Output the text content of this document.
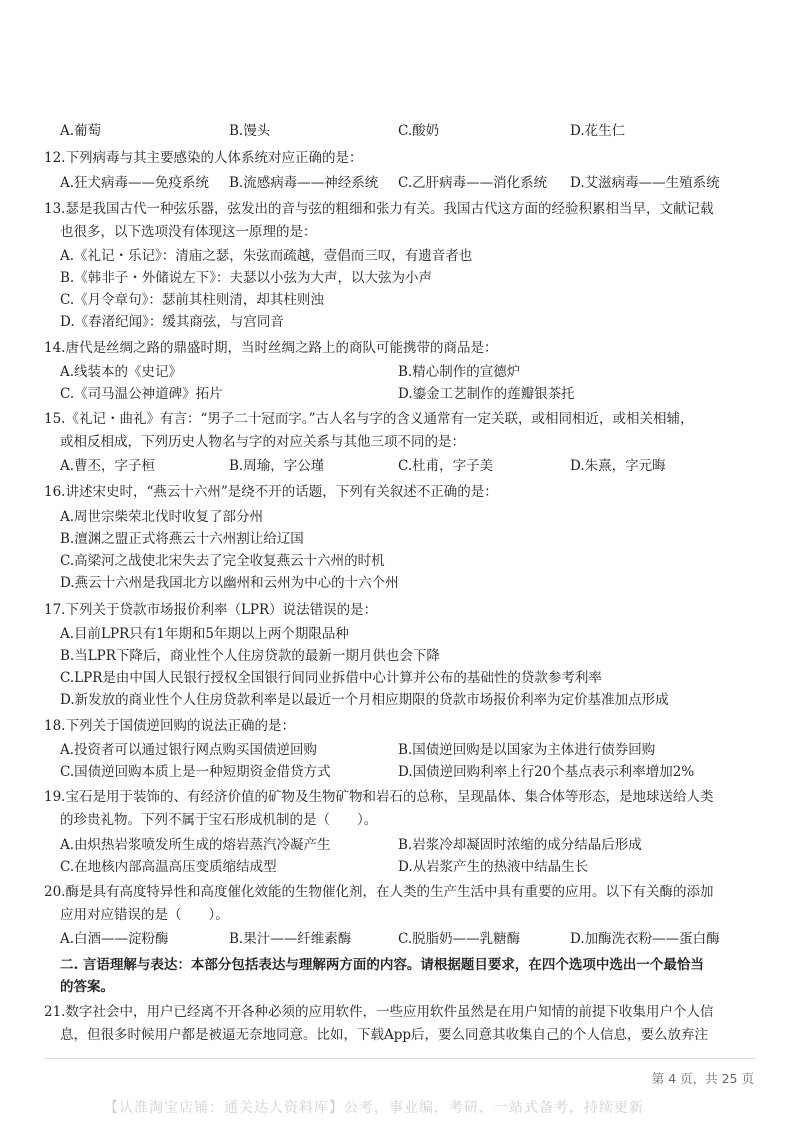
A.葡萄	B.馒头	C.酸奶	D.花生仁
12.下列病毒与其主要感染的人体系统对应正确的是：
A.狂犬病毒——免疫系统 B.流感病毒——神经系统 C.乙肝病毒——消化系统 D.艾滋病毒——生殖系统
13.瑟是我国古代一种弦乐器，弦发出的音与弦的粗细和张力有关。我国古代这方面的经验积累相当早，文献记载
也很多，以下选项没有体现这一原理的是：
A.《礼记・乐记》：清庙之瑟，朱弦而疏越，壹倡而三叹，有遗音者也
B.《韩非子・外储说左下》：夫瑟以小弦为大声，以大弦为小声
C.《月令章句》：瑟前其柱则清，却其柱则浊
D.《春渚纪闻》：缓其商弦，与宫同音
14.唐代是丝绸之路的鼎盛时期，当时丝绸之路上的商队可能携带的商品是：
A.线装本的《史记》	B.精心制作的宣德炉
C.《司马温公神道碑》拓片	D.鎏金工艺制作的莲瓣银茶托
15.《礼记・曲礼》有言：“男子二十冠而字。”古人名与字的含义通常有一定关联，或相同相近，或相关相辅，
或相反相成，下列历史人物名与字的对应关系与其他三项不同的是：
A.曹丕，字子桓	B.周瑜，字公瑾	C.杜甫，字子美	D.朱熹，字元晦
16.讲述宋史时，“燕云十六州”是绕不开的话题，下列有关叙述不正确的是：
A.周世宗柴荣北伐时收复了部分州
B.澶渊之盟正式将燕云十六州割让给辽国
C.高梁河之战使北宋失去了完全收复燕云十六州的时机
D.燕云十六州是我国北方以幽州和云州为中心的十六个州
17.下列关于贷款市场报价利率（LPR）说法错误的是：
A.目前LPR只有1年期和5年期以上两个期限品种
B.当LPR下降后，商业性个人住房贷款的最新一期月供也会下降
C.LPR是由中国人民银行授权全国银行间同业拆借中心计算并公布的基础性的贷款参考利率
D.新发放的商业性个人住房贷款利率是以最近一个月相应期限的贷款市场报价利率为定价基准加点形成
18.下列关于国债逆回购的说法正确的是：
A.投资者可以通过银行网点购买国债逆回购	B.国债逆回购是以国家为主体进行债券回购
C.国债逆回购本质上是一种短期资金借贷方式	D.国债逆回购利率上行20个基点表示利率增加2%
19.宝石是用于装饰的、有经济价值的矿物及生物矿物和岩石的总称，呈现晶体、集合体等形态，是地球送给人类
的珍贵礼物。下列不属于宝石形成机制的是（　　）。
A.由炽热岩浆喷发所生成的熔岩蒸汽冷凝产生	B.岩浆冷却凝固时浓缩的成分结晶后形成
C.在地核内部高温高压变质缩结成型	D.从岩浆产生的热液中结晶生长
20.酶是具有高度特异性和高度催化效能的生物催化剂，在人类的生产生活中具有重要的应用。以下有关酶的添加
应用对应错误的是（　　）。
A.白酒——淀粉酶	B.果汁——纤维素酶	C.脱脂奶——乳糖酶	D.加酶洗衣粉——蛋白酶
二. 言语理解与表达：本部分包括表达与理解两方面的内容。请根据题目要求，在四个选项中选出一个最恰当
的答案。
21.数字社会中，用户已经离不开各种必须的应用软件，一些应用软件虽然是在用户知情的前提下收集用户个人信
息，但很多时候用户都是被逼无奈地同意。比如，下载App后，要么同意其收集自己的个人信息，要么放弃注
第 4 页，共 25 页
【认准淘宝店铺：通关达人资料库】公考，事业编，考研，一站式备考，持续更新
